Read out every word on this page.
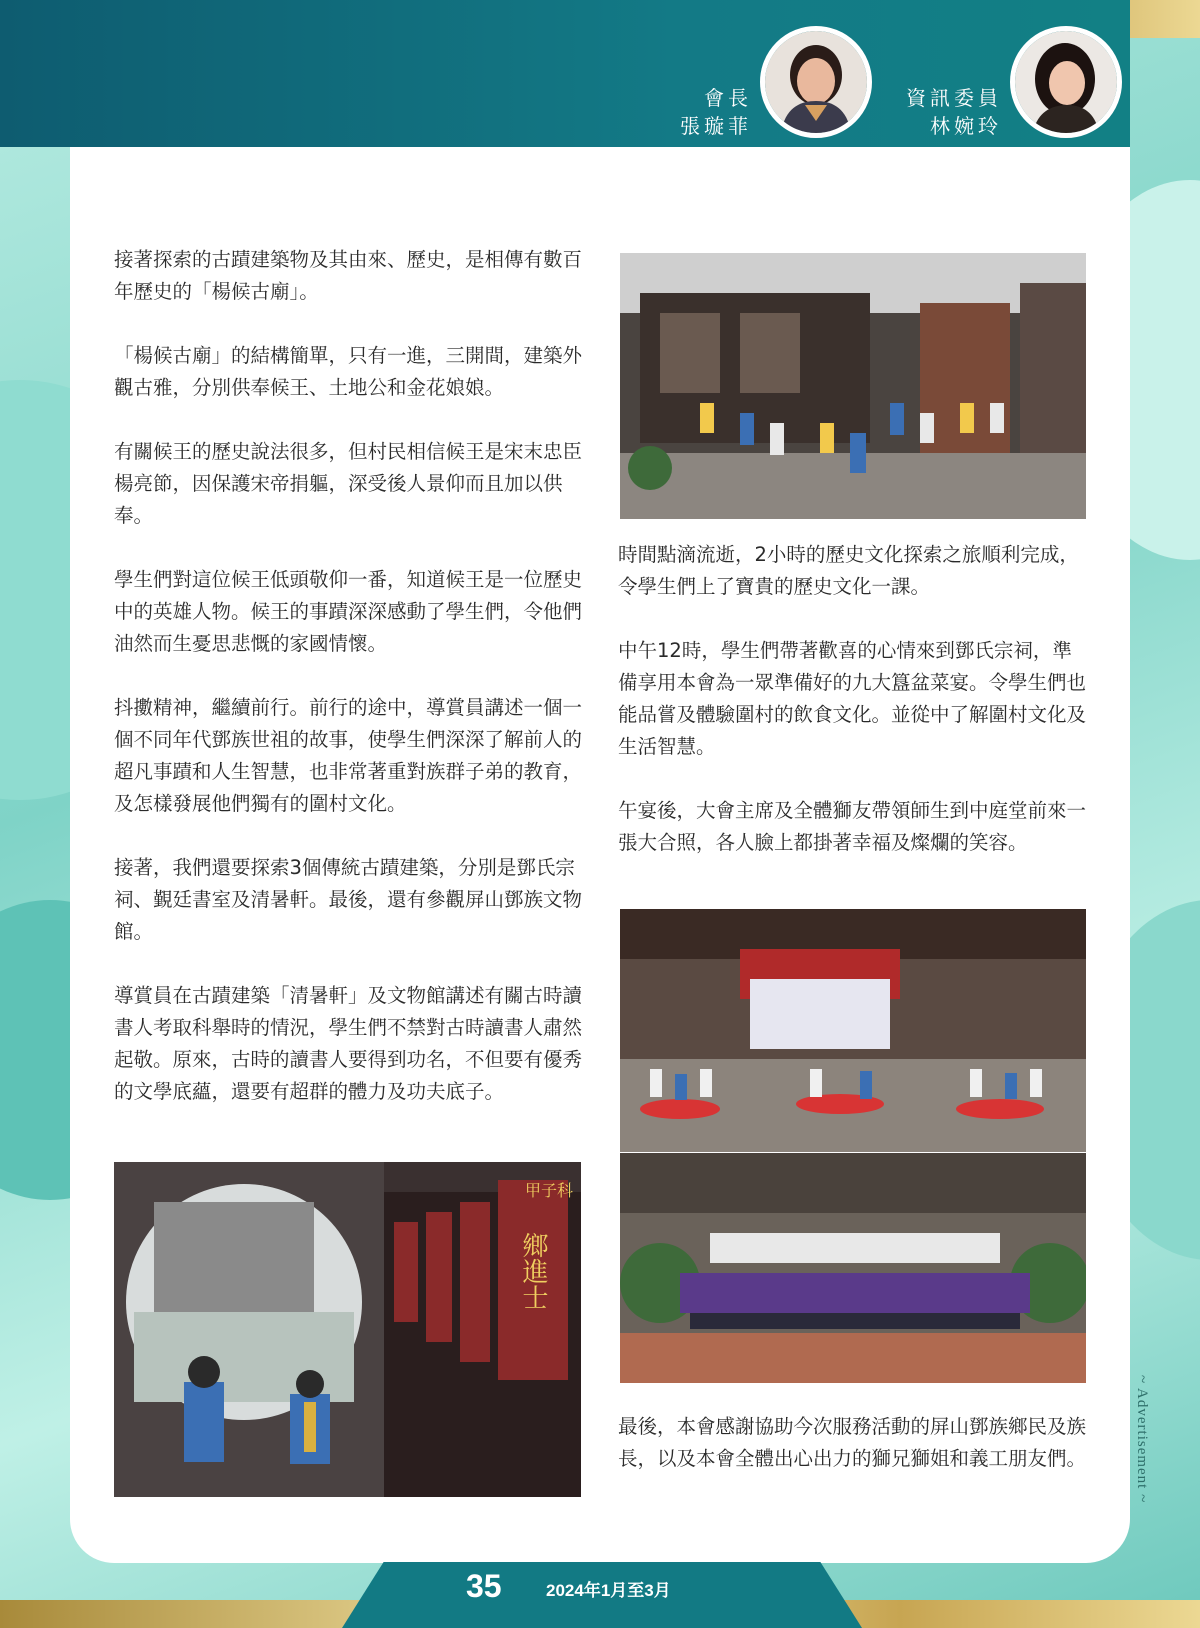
會長
張璇菲
資訊委員
林婉玲

接著探索的古蹟建築物及其由來、歷史，是相傳有數百年歷史的「楊候古廟」。

「楊候古廟」的結構簡單，只有一進，三開間，建築外觀古雅，分別供奉候王、土地公和金花娘娘。

有關候王的歷史說法很多，但村民相信候王是宋末忠臣楊亮節，因保護宋帝捐軀，深受後人景仰而且加以供奉。

學生們對這位候王低頭敬仰一番，知道候王是一位歷史中的英雄人物。候王的事蹟深深感動了學生們，令他們油然而生憂思悲慨的家國情懷。

抖擻精神，繼續前行。前行的途中，導賞員講述一個一個不同年代鄧族世祖的故事，使學生們深深了解前人的超凡事蹟和人生智慧，也非常著重對族群子弟的教育，及怎樣發展他們獨有的圍村文化。

接著，我們還要探索3個傳統古蹟建築，分別是鄧氏宗祠、覲廷書室及清暑軒。最後，還有參觀屏山鄧族文物館。

導賞員在古蹟建築「清暑軒」及文物館講述有關古時讀書人考取科舉時的情況，學生們不禁對古時讀書人肅然起敬。原來，古時的讀書人要得到功名，不但要有優秀的文學底蘊，還要有超群的體力及功夫底子。

時間點滴流逝，2小時的歷史文化探索之旅順利完成，令學生們上了寶貴的歷史文化一課。

中午12時，學生們帶著歡喜的心情來到鄧氏宗祠，準備享用本會為一眾準備好的九大簋盆菜宴。令學生們也能品嘗及體驗圍村的飲食文化。並從中了解圍村文化及生活智慧。

午宴後，大會主席及全體獅友帶領師生到中庭堂前來一張大合照，各人臉上都掛著幸福及燦爛的笑容。

最後，本會感謝協助今次服務活動的屏山鄧族鄉民及族長，以及本會全體出心出力的獅兄獅姐和義工朋友們。

甲子科
鄉進士
35	2024年1月至3月
~ Advertisement ~
